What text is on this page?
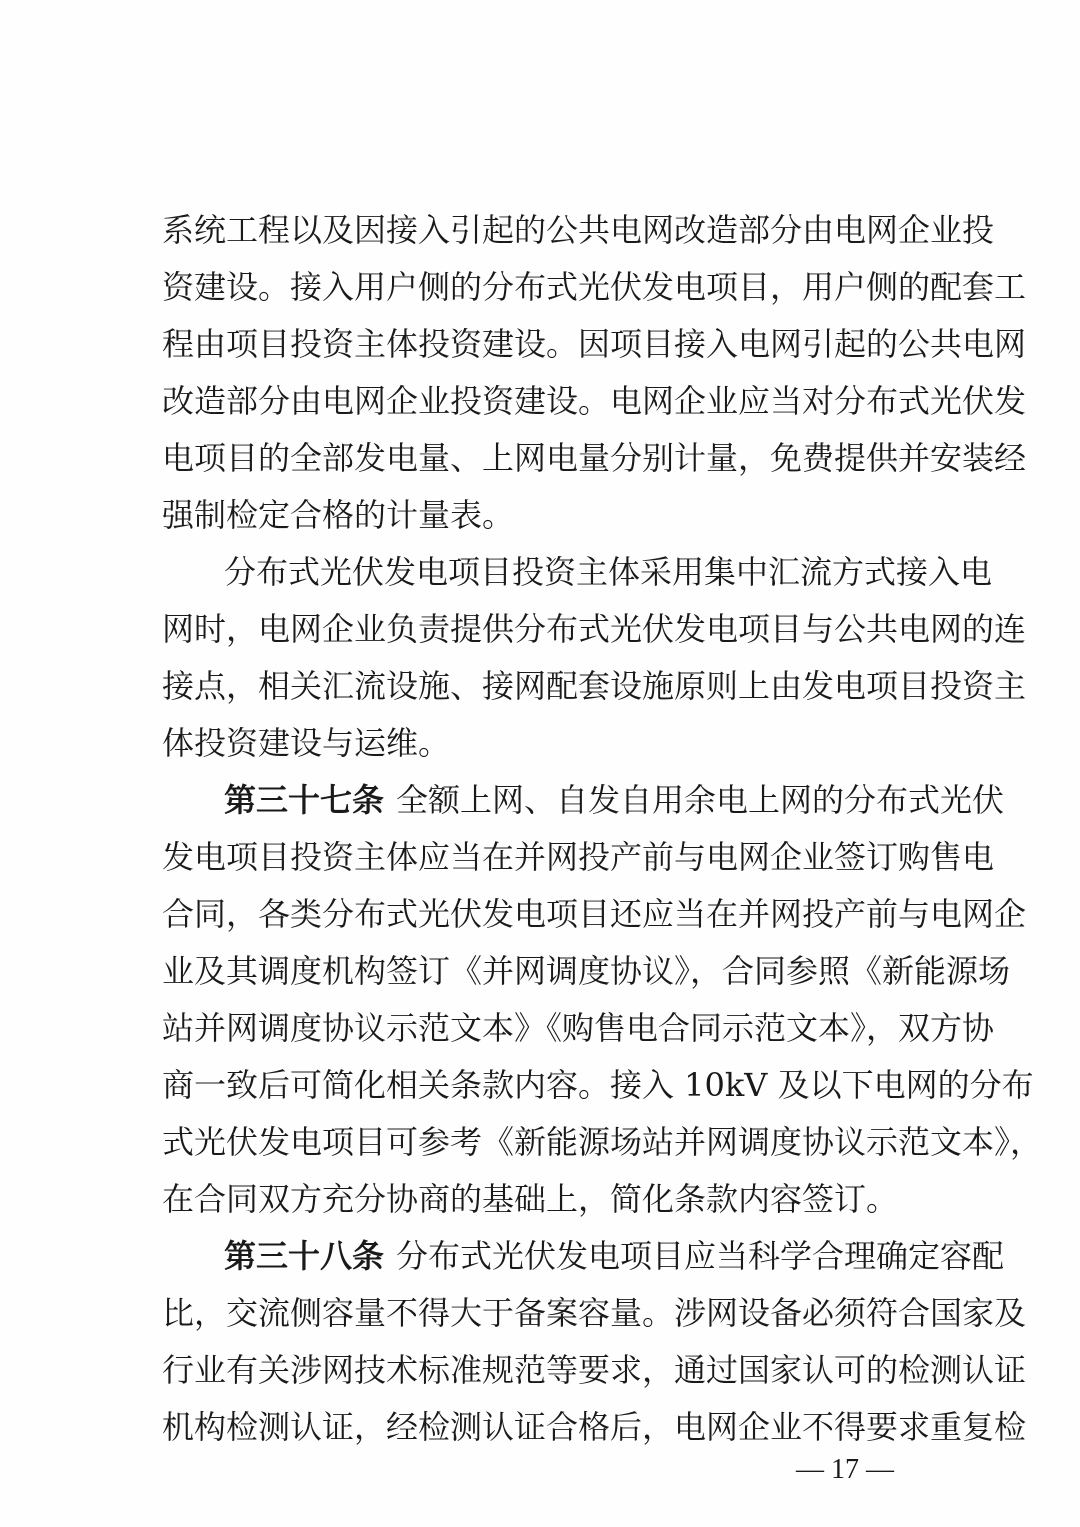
系统工程以及因接入引起的公共电网改造部分由电网企业投
资建设。接入用户侧的分布式光伏发电项目，用户侧的配套工
程由项目投资主体投资建设。因项目接入电网引起的公共电网
改造部分由电网企业投资建设。电网企业应当对分布式光伏发
电项目的全部发电量、上网电量分别计量，免费提供并安装经
强制检定合格的计量表。
分布式光伏发电项目投资主体采用集中汇流方式接入电
网时，电网企业负责提供分布式光伏发电项目与公共电网的连
接点，相关汇流设施、接网配套设施原则上由发电项目投资主
体投资建设与运维。
第三十七条 全额上网、自发自用余电上网的分布式光伏
发电项目投资主体应当在并网投产前与电网企业签订购售电
合同，各类分布式光伏发电项目还应当在并网投产前与电网企
业及其调度机构签订《并网调度协议》，合同参照《新能源场
站并网调度协议示范文本》《购售电合同示范文本》，双方协
商一致后可简化相关条款内容。接入 10kV 及以下电网的分布
式光伏发电项目可参考《新能源场站并网调度协议示范文本》，
在合同双方充分协商的基础上，简化条款内容签订。
第三十八条 分布式光伏发电项目应当科学合理确定容配
比，交流侧容量不得大于备案容量。涉网设备必须符合国家及
行业有关涉网技术标准规范等要求，通过国家认可的检测认证
机构检测认证，经检测认证合格后，电网企业不得要求重复检
— 17 —
